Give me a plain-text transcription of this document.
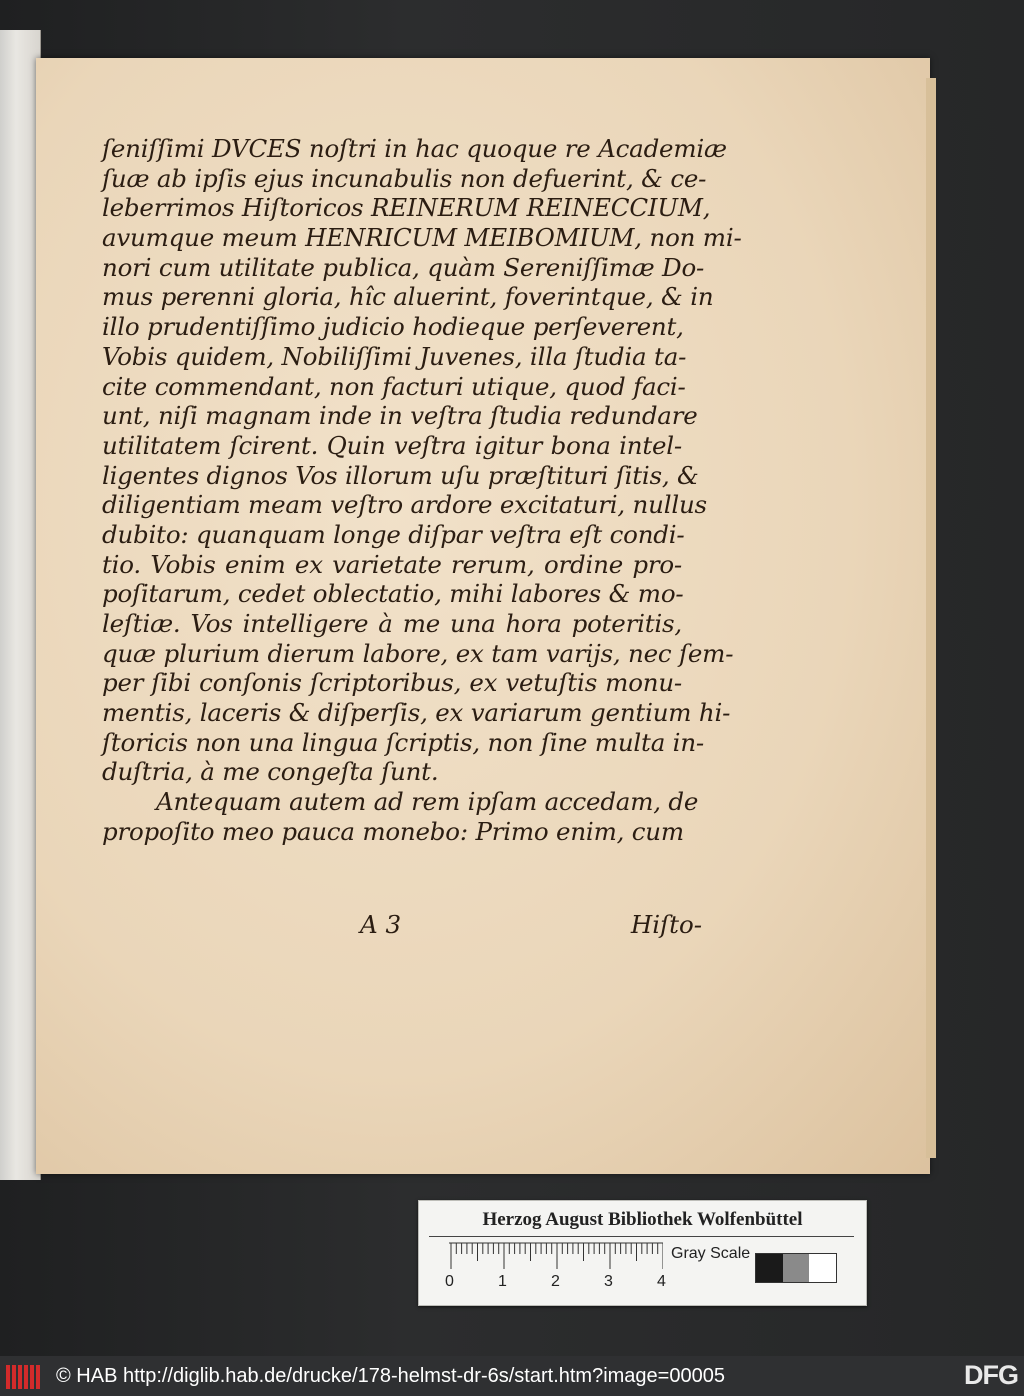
ſeniſſimi DVCES noſtri in hac quoque re Academiæ
ſuæ ab ipſis ejus incunabulis non defuerint, & ce-
leberrimos Hiſtoricos REINERUM REINECCIUM,
avumque meum HENRICUM MEIBOMIUM, non mi-
nori cum utilitate publica, quàm Sereniſſimæ Do-
mus perenni gloria, hîc aluerint, foverintque, & in
illo prudentiſſimo judicio hodieque perſeverent,
Vobis quidem, Nobiliſſimi Juvenes, illa ſtudia ta-
cite commendant, non facturi utique, quod faci-
unt, niſi magnam inde in veſtra ſtudia redundare
utilitatem ſcirent. Quin veſtra igitur bona intel-
ligentes dignos Vos illorum uſu præſtituri ſitis, &
diligentiam meam veſtro ardore excitaturi, nullus
dubito: quanquam longe diſpar veſtra eſt condi-
tio. Vobis enim ex varietate rerum, ordine pro-
poſitarum, cedet oblectatio, mihi labores & mo-
leſtiæ. Vos intelligere à me una hora poteritis,
quæ plurium dierum labore, ex tam varijs, nec ſem-
per ſibi conſonis ſcriptoribus, ex vetuſtis monu-
mentis, laceris & diſperſis, ex variarum gentium hi-
ſtoricis non una lingua ſcriptis, non ſine multa in-
duſtria, à me congeſta ſunt.
Antequam autem ad rem ipſam accedam, de
propoſito meo pauca monebo: Primo enim, cum
A 3	Hiſto-
Herzog August Bibliothek Wolfenbüttel
0	1	2	3	4
Gray Scale
© HAB http://diglib.hab.de/drucke/178-helmst-dr-6s/start.htm?image=00005	DFG
